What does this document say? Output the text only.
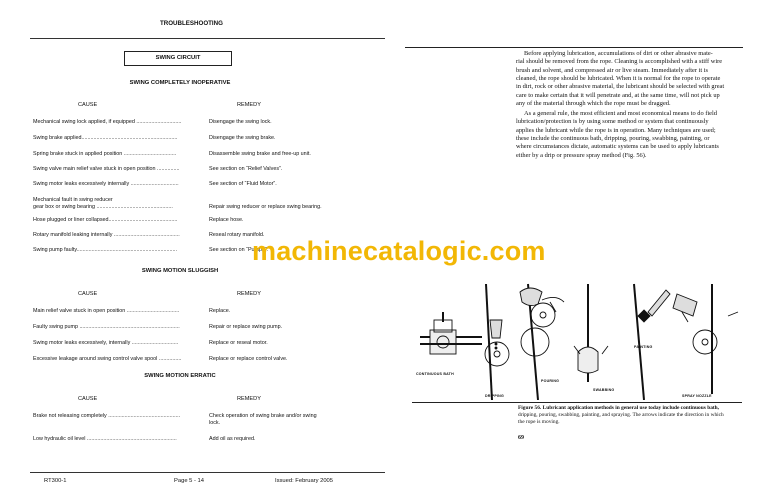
TROUBLESHOOTING
SWING CIRCUIT
SWING COMPLETELY INOPERATIVE
CAUSE	REMEDY
Mechanical swing lock applied, if equipped ..............................	Disengage the swing lock.
Swing brake applied................................................................	Disengage the swing brake.
Spring brake stuck in applied position ...................................	Disassemble swing brake and free-up unit.
Swing valve main relief valve stuck in open position ...............	See section on “Relief Valves”.
Swing motor leaks excessively internally ................................	See section of “Fluid Motor”.
Mechanical fault in swing reducer
gear box or swing bearing ...................................................	Repair swing reducer or replace swing bearing.
Hose plugged or liner collapsed..............................................	Replace hose.
Rotary manifold leaking internally ............................................	Reseal rotary manifold.
Swing pump faulty...................................................................	See section on “Pumps”.
SWING MOTION SLUGGISH
CAUSE	REMEDY
Main relief valve stuck in open position ...................................	Replace.
Faulty swing pump ...................................................................	Repair or replace swing pump.
Swing motor leaks excessively, internally ...............................	Replace or reseal motor.
Excessive leakage around swing control valve spool ...............	Replace or replace control valve.
SWING MOTION ERRATIC
CAUSE	REMEDY
Brake not releasing completely ................................................	Check operation of swing brake and/or swing
lock.
Low hydraulic oil level ............................................................	Add oil as required.
RT300-1	Page 5 - 14	Issued: February 2005
Before applying lubrication, accumulations of dirt or other abrasive mate-
rial should be removed from the rope. Cleaning is accomplished with a stiff wire
brush and solvent, and compressed air or live steam. Immediately after it is
cleaned, the rope should be lubricated. When it is normal for the rope to operate
in dirt, rock or other abrasive material, the lubricant should be selected with great
care to make certain that it will penetrate and, at the same time, will not pick up
any of the material through which the rope must be dragged.
As a general rule, the most efficient and most economical means to do field
lubrication/protection is by using some method or system that continuously
applies the lubricant while the rope is in operation. Many techniques are used;
these include the continuous bath, dripping, pouring, swabbing, painting, or
where circumstances dictate, automatic systems can be used to apply lubricants
either by a drip or pressure spray method (Fig. 56).
CONTINUOUS BATH
DRIPPING
POURING
SWABBING
PAINTING
SPRAY NOZZLE
Figure 56. Lubricant application methods in general use today include continuous bath,
dripping, pouring, swabbing, painting, and spraying. The arrows indicate the direction in which
the rope is moving.
69
machinecatalogic.com
